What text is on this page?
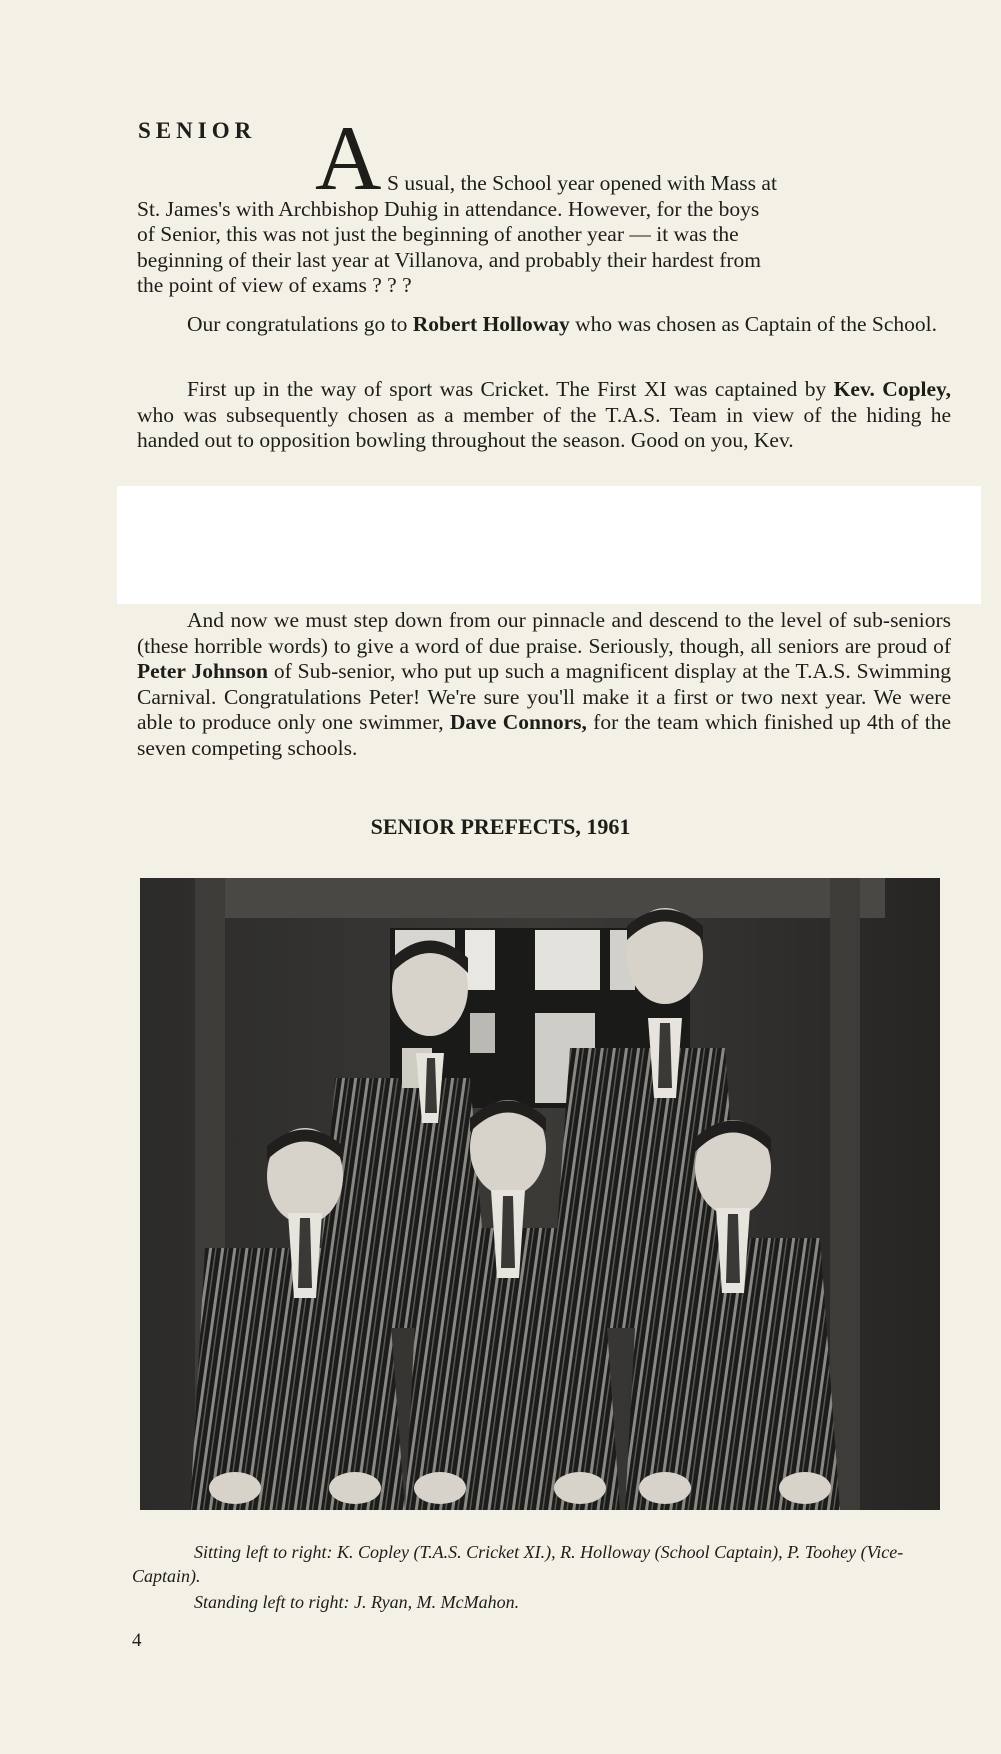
SENIOR A S usual, the School year opened with Mass at
St. James's with Archbishop Duhig in attendance. However, for the boys
of Senior, this was not just the beginning of another year — it was the
beginning of their last year at Villanova, and probably their hardest from
the point of view of exams ? ? ?

Our congratulations go to Robert Holloway who was chosen as Captain of the School.

First up in the way of sport was Cricket. The First XI was captained by Kev. Copley, who was subsequently chosen as a member of the T.A.S. Team in view of the hiding he handed out to opposition bowling throughout the season. Good on you, Kev.

And now we must step down from our pinnacle and descend to the level of sub-seniors (these horrible words) to give a word of due praise. Seriously, though, all seniors are proud of Peter Johnson of Sub-senior, who put up such a magnificent display at the T.A.S. Swimming Carnival. Congratulations Peter! We're sure you'll make it a first or two next year. We were able to produce only one swimmer, Dave Connors, for the team which finished up 4th of the seven competing schools.

SENIOR PREFECTS, 1961
Sitting left to right: K. Copley (T.A.S. Cricket XI.), R. Holloway (School Captain), P. Toohey (Vice-Captain).
Standing left to right: J. Ryan, M. McMahon.
4
